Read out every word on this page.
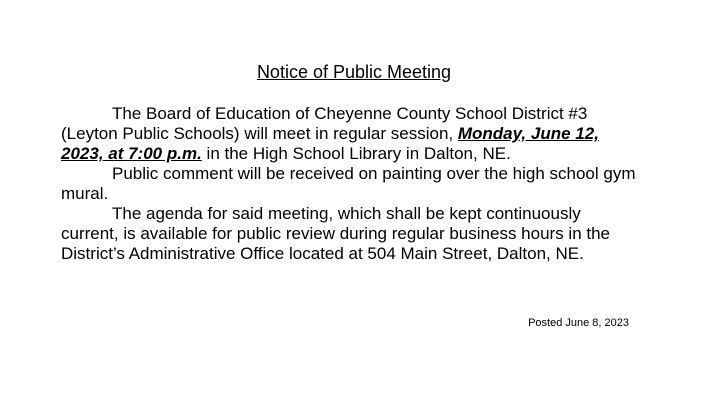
Notice of Public Meeting

The Board of Education of Cheyenne County School District #3 (Leyton Public Schools) will meet in regular session, Monday, June 12, 2023, at 7:00 p.m. in the High School Library in Dalton, NE.

Public comment will be received on painting over the high school gym mural.

The agenda for said meeting, which shall be kept continuously current, is available for public review during regular business hours in the District’s Administrative Office located at 504 Main Street, Dalton, NE.

Posted June 8, 2023
